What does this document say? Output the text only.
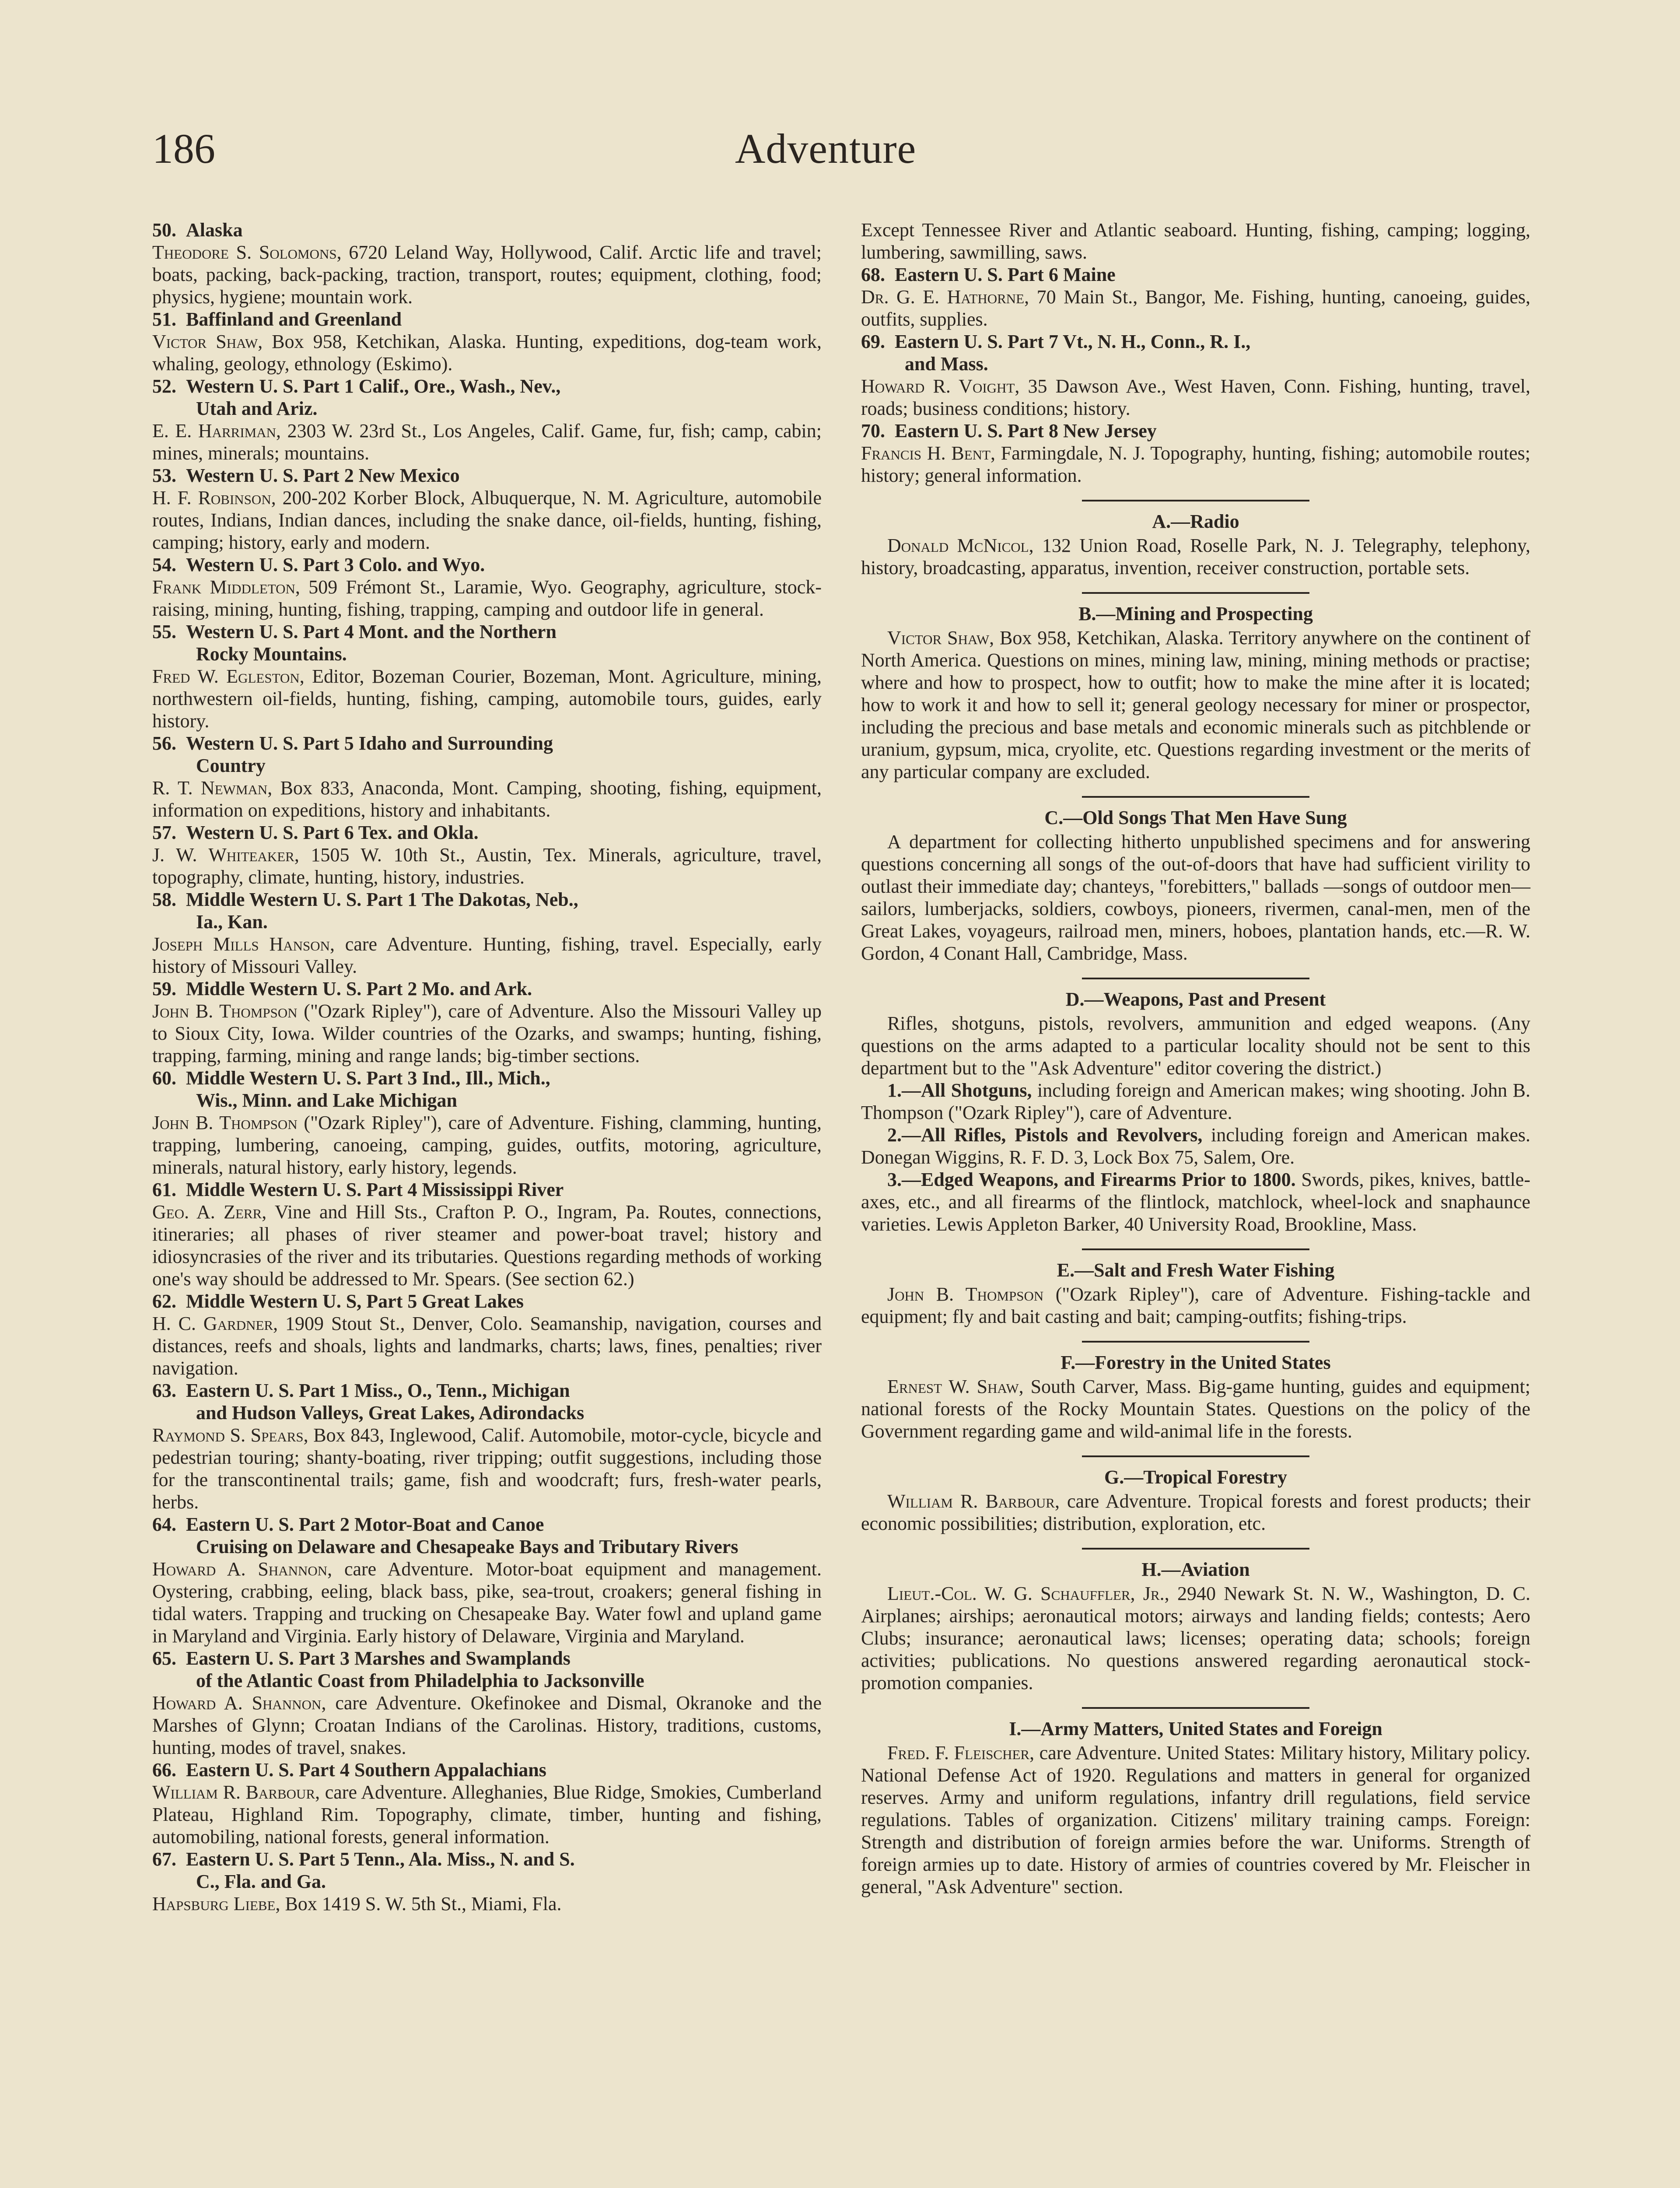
186	Adventure
50. Alaska

Theodore S. Solomons, 6720 Leland Way, Hollywood, Calif. Arctic life and travel; boats, packing, back-packing, traction, transport, routes; equipment, clothing, food; physics, hygiene; mountain work.

51. Baffinland and Greenland

Victor Shaw, Box 958, Ketchikan, Alaska. Hunting, expeditions, dog-team work, whaling, geology, ethnology (Eskimo).

52. Western U. S. Part 1 Calif., Ore., Wash., Nev.,
Utah and Ariz.

E. E. Harriman, 2303 W. 23rd St., Los Angeles, Calif. Game, fur, fish; camp, cabin; mines, minerals; mountains.

53. Western U. S. Part 2 New Mexico

H. F. Robinson, 200-202 Korber Block, Albuquerque, N. M. Agriculture, automobile routes, Indians, Indian dances, including the snake dance, oil-fields, hunting, fishing, camping; history, early and modern.

54. Western U. S. Part 3 Colo. and Wyo.

Frank Middleton, 509 Frémont St., Laramie, Wyo. Geography, agriculture, stock-raising, mining, hunting, fishing, trapping, camping and outdoor life in general.

55. Western U. S. Part 4 Mont. and the Northern
Rocky Mountains.

Fred W. Egleston, Editor, Bozeman Courier, Bozeman, Mont. Agriculture, mining, northwestern oil-fields, hunting, fishing, camping, automobile tours, guides, early history.

56. Western U. S. Part 5 Idaho and Surrounding
Country

R. T. Newman, Box 833, Anaconda, Mont. Camping, shooting, fishing, equipment, information on expeditions, history and inhabitants.

57. Western U. S. Part 6 Tex. and Okla.

J. W. Whiteaker, 1505 W. 10th St., Austin, Tex. Minerals, agriculture, travel, topography, climate, hunting, history, industries.

58. Middle Western U. S. Part 1 The Dakotas, Neb.,
Ia., Kan.

Joseph Mills Hanson, care Adventure. Hunting, fishing, travel. Especially, early history of Missouri Valley.

59. Middle Western U. S. Part 2 Mo. and Ark.

John B. Thompson ("Ozark Ripley"), care of Adventure. Also the Missouri Valley up to Sioux City, Iowa. Wilder countries of the Ozarks, and swamps; hunting, fishing, trapping, farming, mining and range lands; big-timber sections.

60. Middle Western U. S. Part 3 Ind., Ill., Mich.,
Wis., Minn. and Lake Michigan

John B. Thompson ("Ozark Ripley"), care of Adventure. Fishing, clamming, hunting, trapping, lumbering, canoeing, camping, guides, outfits, motoring, agriculture, minerals, natural history, early history, legends.

61. Middle Western U. S. Part 4 Mississippi River

Geo. A. Zerr, Vine and Hill Sts., Crafton P. O., Ingram, Pa. Routes, connections, itineraries; all phases of river steamer and power-boat travel; history and idiosyncrasies of the river and its tributaries. Questions regarding methods of working one's way should be addressed to Mr. Spears. (See section 62.)

62. Middle Western U. S, Part 5 Great Lakes

H. C. Gardner, 1909 Stout St., Denver, Colo. Seamanship, navigation, courses and distances, reefs and shoals, lights and landmarks, charts; laws, fines, penalties; river navigation.

63. Eastern U. S. Part 1 Miss., O., Tenn., Michigan
and Hudson Valleys, Great Lakes, Adirondacks

Raymond S. Spears, Box 843, Inglewood, Calif. Automobile, motor-cycle, bicycle and pedestrian touring; shanty-boating, river tripping; outfit suggestions, including those for the transcontinental trails; game, fish and woodcraft; furs, fresh-water pearls, herbs.

64. Eastern U. S. Part 2 Motor-Boat and Canoe
Cruising on Delaware and Chesapeake Bays and Tributary Rivers

Howard A. Shannon, care Adventure. Motor-boat equipment and management. Oystering, crabbing, eeling, black bass, pike, sea-trout, croakers; general fishing in tidal waters. Trapping and trucking on Chesapeake Bay. Water fowl and upland game in Maryland and Virginia. Early history of Delaware, Virginia and Maryland.

65. Eastern U. S. Part 3 Marshes and Swamplands
of the Atlantic Coast from Philadelphia to Jacksonville

Howard A. Shannon, care Adventure. Okefinokee and Dismal, Okranoke and the Marshes of Glynn; Croatan Indians of the Carolinas. History, traditions, customs, hunting, modes of travel, snakes.

66. Eastern U. S. Part 4 Southern Appalachians

William R. Barbour, care Adventure. Alleghanies, Blue Ridge, Smokies, Cumberland Plateau, Highland Rim. Topography, climate, timber, hunting and fishing, automobiling, national forests, general information.

67. Eastern U. S. Part 5 Tenn., Ala. Miss., N. and S.
C., Fla. and Ga.

Hapsburg Liebe, Box 1419 S. W. 5th St., Miami, Fla.

Except Tennessee River and Atlantic seaboard. Hunting, fishing, camping; logging, lumbering, sawmilling, saws.

68. Eastern U. S. Part 6 Maine

Dr. G. E. Hathorne, 70 Main St., Bangor, Me. Fishing, hunting, canoeing, guides, outfits, supplies.

69. Eastern U. S. Part 7 Vt., N. H., Conn., R. I.,
and Mass.

Howard R. Voight, 35 Dawson Ave., West Haven, Conn. Fishing, hunting, travel, roads; business conditions; history.

70. Eastern U. S. Part 8 New Jersey

Francis H. Bent, Farmingdale, N. J. Topography, hunting, fishing; automobile routes; history; general information.

A.—Radio

Donald McNicol, 132 Union Road, Roselle Park, N. J. Telegraphy, telephony, history, broadcasting, apparatus, invention, receiver construction, portable sets.

B.—Mining and Prospecting

Victor Shaw, Box 958, Ketchikan, Alaska. Territory anywhere on the continent of North America. Questions on mines, mining law, mining, mining methods or practise; where and how to prospect, how to outfit; how to make the mine after it is located; how to work it and how to sell it; general geology necessary for miner or prospector, including the precious and base metals and economic minerals such as pitchblende or uranium, gypsum, mica, cryolite, etc. Questions regarding investment or the merits of any particular company are excluded.

C.—Old Songs That Men Have Sung

A department for collecting hitherto unpublished specimens and for answering questions concerning all songs of the out-of-doors that have had sufficient virility to outlast their immediate day; chanteys, "forebitters," ballads —songs of outdoor men—sailors, lumberjacks, soldiers, cowboys, pioneers, rivermen, canal-men, men of the Great Lakes, voyageurs, railroad men, miners, hoboes, plantation hands, etc.—R. W. Gordon, 4 Conant Hall, Cambridge, Mass.

D.—Weapons, Past and Present

Rifles, shotguns, pistols, revolvers, ammunition and edged weapons. (Any questions on the arms adapted to a particular locality should not be sent to this department but to the "Ask Adventure" editor covering the district.)

1.—All Shotguns, including foreign and American makes; wing shooting. John B. Thompson ("Ozark Ripley"), care of Adventure.

2.—All Rifles, Pistols and Revolvers, including foreign and American makes. Donegan Wiggins, R. F. D. 3, Lock Box 75, Salem, Ore.

3.—Edged Weapons, and Firearms Prior to 1800. Swords, pikes, knives, battle-axes, etc., and all firearms of the flintlock, matchlock, wheel-lock and snaphaunce varieties. Lewis Appleton Barker, 40 University Road, Brookline, Mass.

E.—Salt and Fresh Water Fishing

John B. Thompson ("Ozark Ripley"), care of Adventure. Fishing-tackle and equipment; fly and bait casting and bait; camping-outfits; fishing-trips.

F.—Forestry in the United States

Ernest W. Shaw, South Carver, Mass. Big-game hunting, guides and equipment; national forests of the Rocky Mountain States. Questions on the policy of the Government regarding game and wild-animal life in the forests.

G.—Tropical Forestry

William R. Barbour, care Adventure. Tropical forests and forest products; their economic possibilities; distribution, exploration, etc.

H.—Aviation

Lieut.-Col. W. G. Schauffler, Jr., 2940 Newark St. N. W., Washington, D. C. Airplanes; airships; aeronautical motors; airways and landing fields; contests; Aero Clubs; insurance; aeronautical laws; licenses; operating data; schools; foreign activities; publications. No questions answered regarding aeronautical stock-promotion companies.

I.—Army Matters, United States and Foreign

Fred. F. Fleischer, care Adventure. United States: Military history, Military policy. National Defense Act of 1920. Regulations and matters in general for organized reserves. Army and uniform regulations, infantry drill regulations, field service regulations. Tables of organization. Citizens' military training camps. Foreign: Strength and distribution of foreign armies before the war. Uniforms. Strength of foreign armies up to date. History of armies of countries covered by Mr. Fleischer in general, "Ask Adventure" section.
